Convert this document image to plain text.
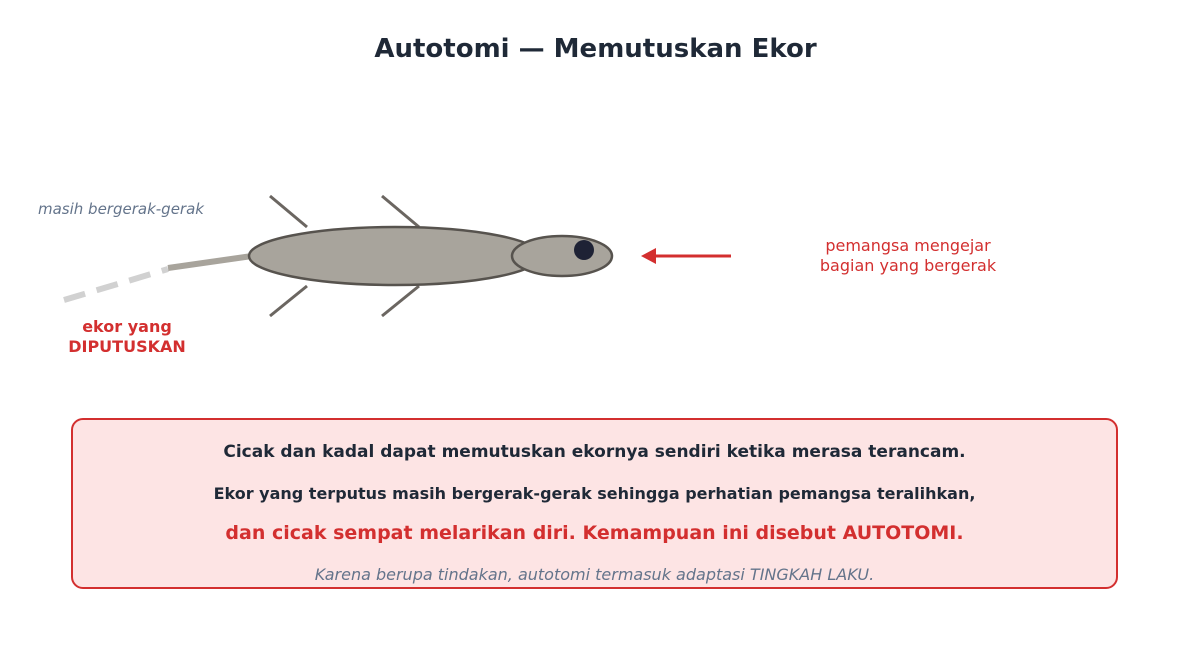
Autotomi — Memutuskan Ekor
masih bergerak-gerak
ekor yang
DIPUTUSKAN
pemangsa mengejar
bagian yang bergerak
Cicak dan kadal dapat memutuskan ekornya sendiri ketika merasa terancam.
Ekor yang terputus masih bergerak-gerak sehingga perhatian pemangsa teralihkan,
dan cicak sempat melarikan diri. Kemampuan ini disebut AUTOTOMI.
Karena berupa tindakan, autotomi termasuk adaptasi TINGKAH LAKU.
